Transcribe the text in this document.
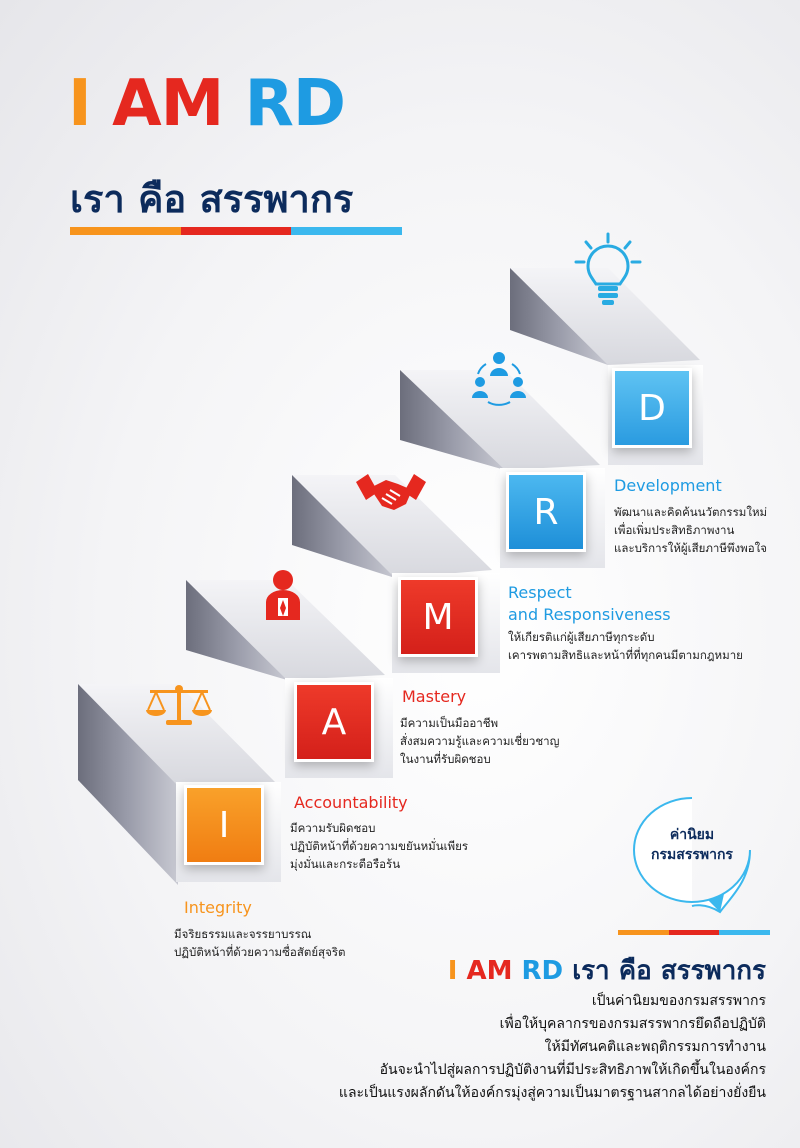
I AM RD
เรา คือ สรรพากร
I
A
M
R
D
Integrity
มีจริยธรรมและจรรยาบรรณ
ปฏิบัติหน้าที่ด้วยความซื่อสัตย์สุจริต
Accountability
มีความรับผิดชอบ
ปฏิบัติหน้าที่ด้วยความขยันหมั่นเพียร
มุ่งมั่นและกระตือรือร้น
Mastery
มีความเป็นมืออาชีพ
สั่งสมความรู้และความเชี่ยวชาญ
ในงานที่รับผิดชอบ
Respect
and Responsiveness
ให้เกียรติแก่ผู้เสียภาษีทุกระดับ
เคารพตามสิทธิและหน้าที่ที่ทุกคนมีตามกฎหมาย
Development
พัฒนาและคิดค้นนวัตกรรมใหม่
เพื่อเพิ่มประสิทธิภาพงาน
และบริการให้ผู้เสียภาษีพึงพอใจ
ค่านิยม
กรมสรรพากร
I AM RD เรา คือ สรรพากร
เป็นค่านิยมของกรมสรรพากร
เพื่อให้บุคลากรของกรมสรรพากรยึดถือปฏิบัติ
ให้มีทัศนคติและพฤติกรรมการทำงาน
อันจะนำไปสู่ผลการปฏิบัติงานที่มีประสิทธิภาพให้เกิดขึ้นในองค์กร
และเป็นแรงผลักดันให้องค์กรมุ่งสู่ความเป็นมาตรฐานสากลได้อย่างยั่งยืน
